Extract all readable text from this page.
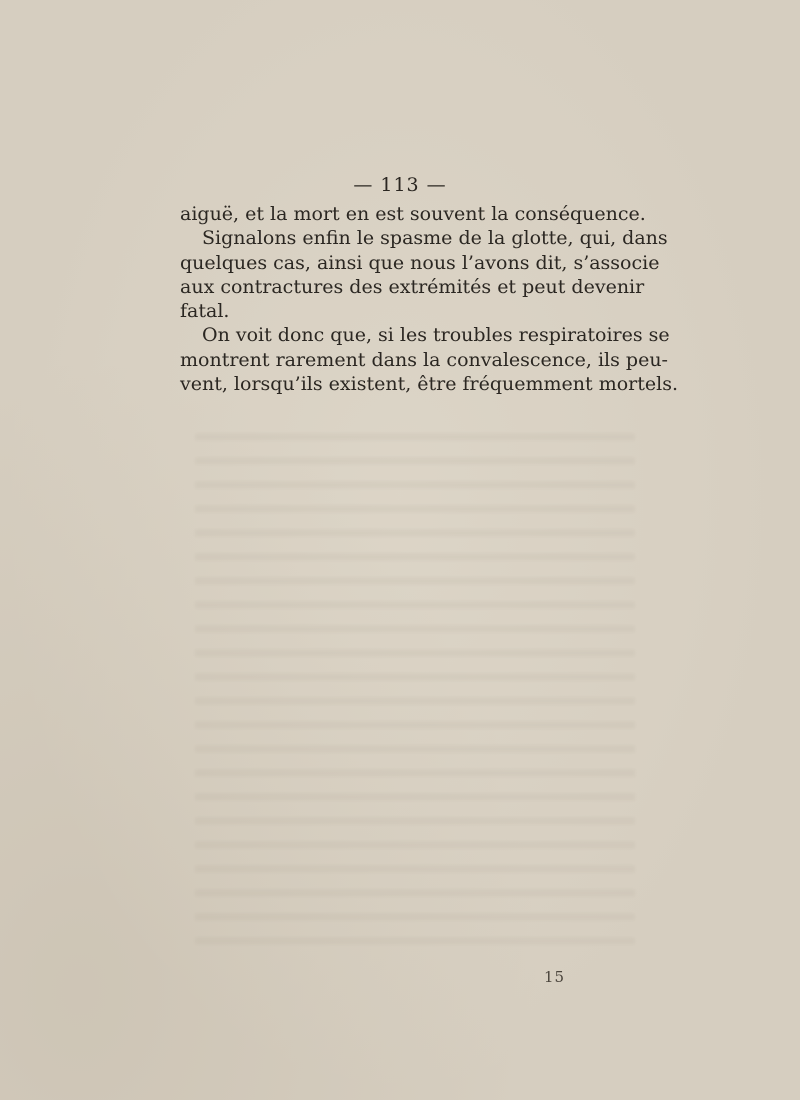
— 113 —
aiguë, et la mort en est souvent la conséquence.
Signalons enfin le spasme de la glotte, qui, dans
quelques cas, ainsi que nous l’avons dit, s’associe
aux contractures des extrémités et peut devenir
fatal.
On voit donc que, si les troubles respiratoires se
montrent rarement dans la convalescence, ils peu-
vent, lorsqu’ils existent, être fréquemment mortels.
15
